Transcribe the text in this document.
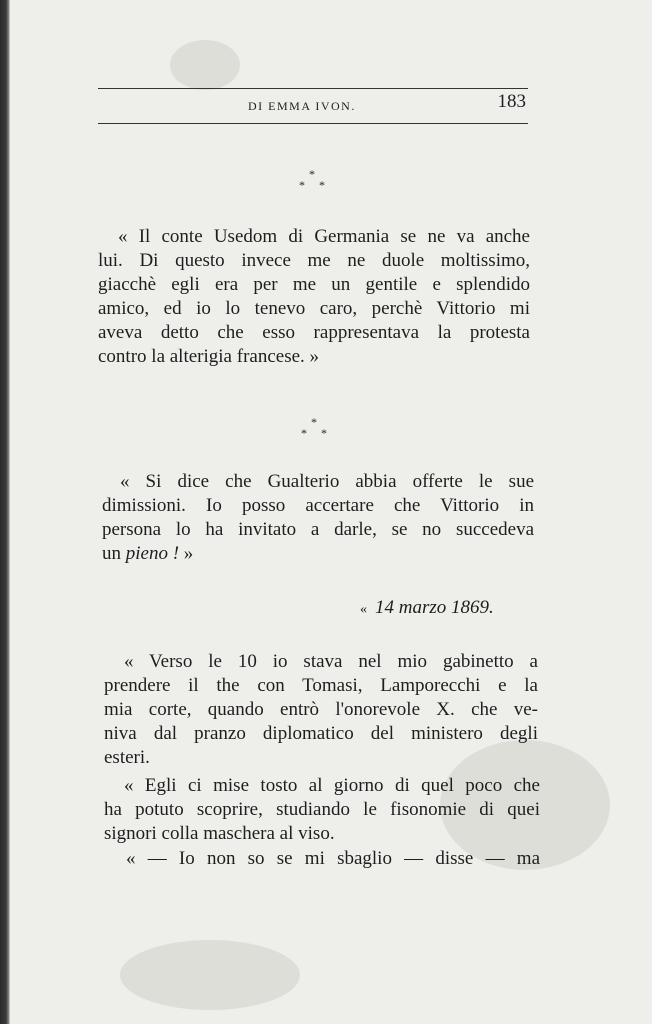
DI EMMA IVON.	183
*
* *
« Il conte Usedom di Germania se ne va anche
lui. Di questo invece me ne duole moltissimo,
giacchè egli era per me un gentile e splendido
amico, ed io lo tenevo caro, perchè Vittorio mi
aveva detto che esso rappresentava la protesta
contro la alterigia francese. »
*
* *
« Si dice che Gualterio abbia offerte le sue
dimissioni. Io posso accertare che Vittorio in
persona lo ha invitato a darle, se no succedeva
un pieno ! »
« 14 marzo 1869.
« Verso le 10 io stava nel mio gabinetto a
prendere il the con Tomasi, Lamporecchi e la
mia corte, quando entrò l'onorevole X. che ve-
niva dal pranzo diplomatico del ministero degli
esteri.
« Egli ci mise tosto al giorno di quel poco che
ha potuto scoprire, studiando le fisonomie di quei
signori colla maschera al viso.
« — Io non so se mi sbaglio — disse — ma
